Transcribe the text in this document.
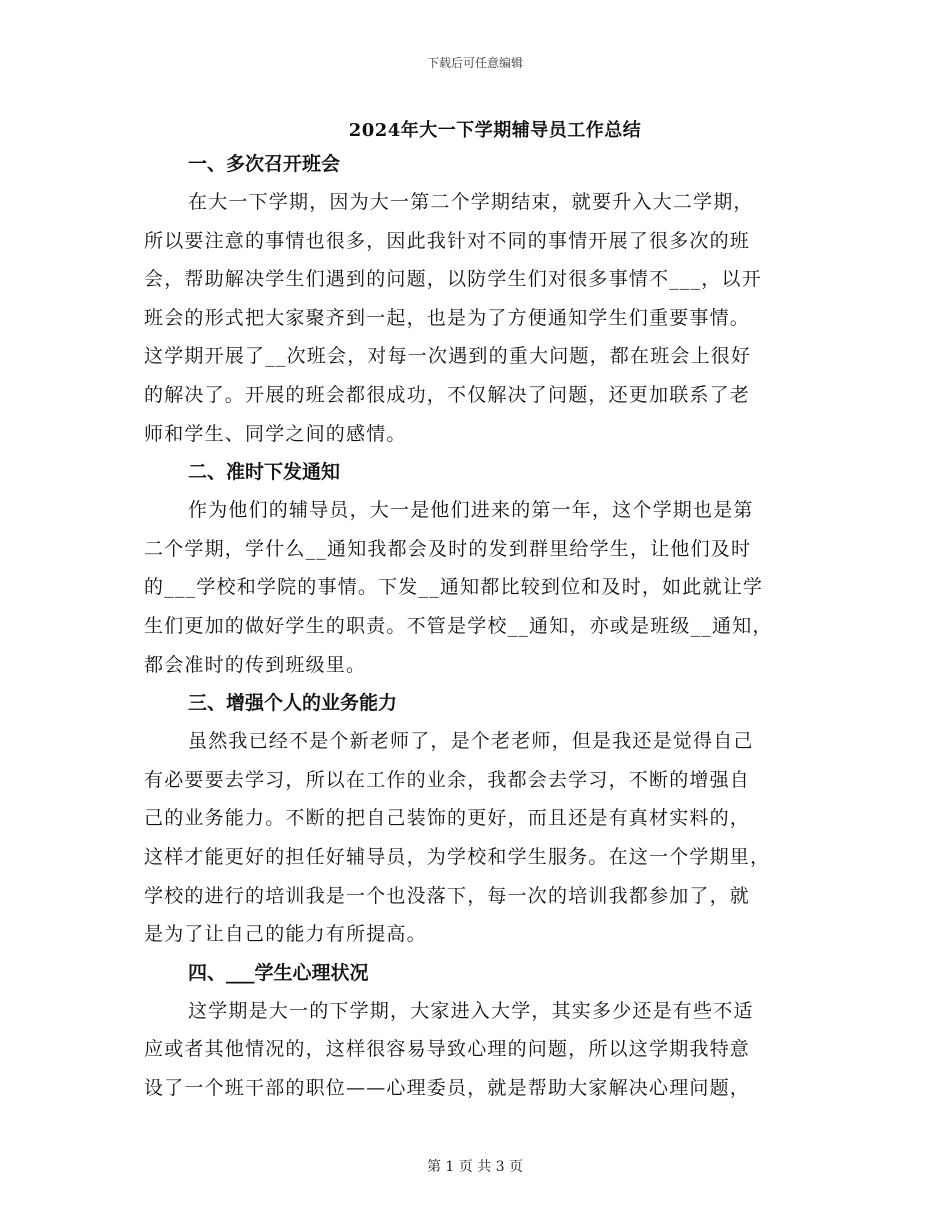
下载后可任意编辑
2024年大一下学期辅导员工作总结
一、多次召开班会
在大一下学期，因为大一第二个学期结束，就要升入大二学期，
所以要注意的事情也很多，因此我针对不同的事情开展了很多次的班
会，帮助解决学生们遇到的问题，以防学生们对很多事情不___，以开
班会的形式把大家聚齐到一起，也是为了方便通知学生们重要事情。
这学期开展了__次班会，对每一次遇到的重大问题，都在班会上很好
的解决了。开展的班会都很成功，不仅解决了问题，还更加联系了老
师和学生、同学之间的感情。
二、准时下发通知
作为他们的辅导员，大一是他们进来的第一年，这个学期也是第
二个学期，学什么__通知我都会及时的发到群里给学生，让他们及时
的___学校和学院的事情。下发__通知都比较到位和及时，如此就让学
生们更加的做好学生的职责。不管是学校__通知，亦或是班级__通知，
都会准时的传到班级里。
三、增强个人的业务能力
虽然我已经不是个新老师了，是个老老师，但是我还是觉得自己
有必要要去学习，所以在工作的业余，我都会去学习，不断的增强自
己的业务能力。不断的把自己装饰的更好，而且还是有真材实料的，
这样才能更好的担任好辅导员，为学校和学生服务。在这一个学期里，
学校的进行的培训我是一个也没落下，每一次的培训我都参加了，就
是为了让自己的能力有所提高。
四、___学生心理状况
这学期是大一的下学期，大家进入大学，其实多少还是有些不适
应或者其他情况的，这样很容易导致心理的问题，所以这学期我特意
设了一个班干部的职位——心理委员，就是帮助大家解决心理问题，
第 1 页 共 3 页
